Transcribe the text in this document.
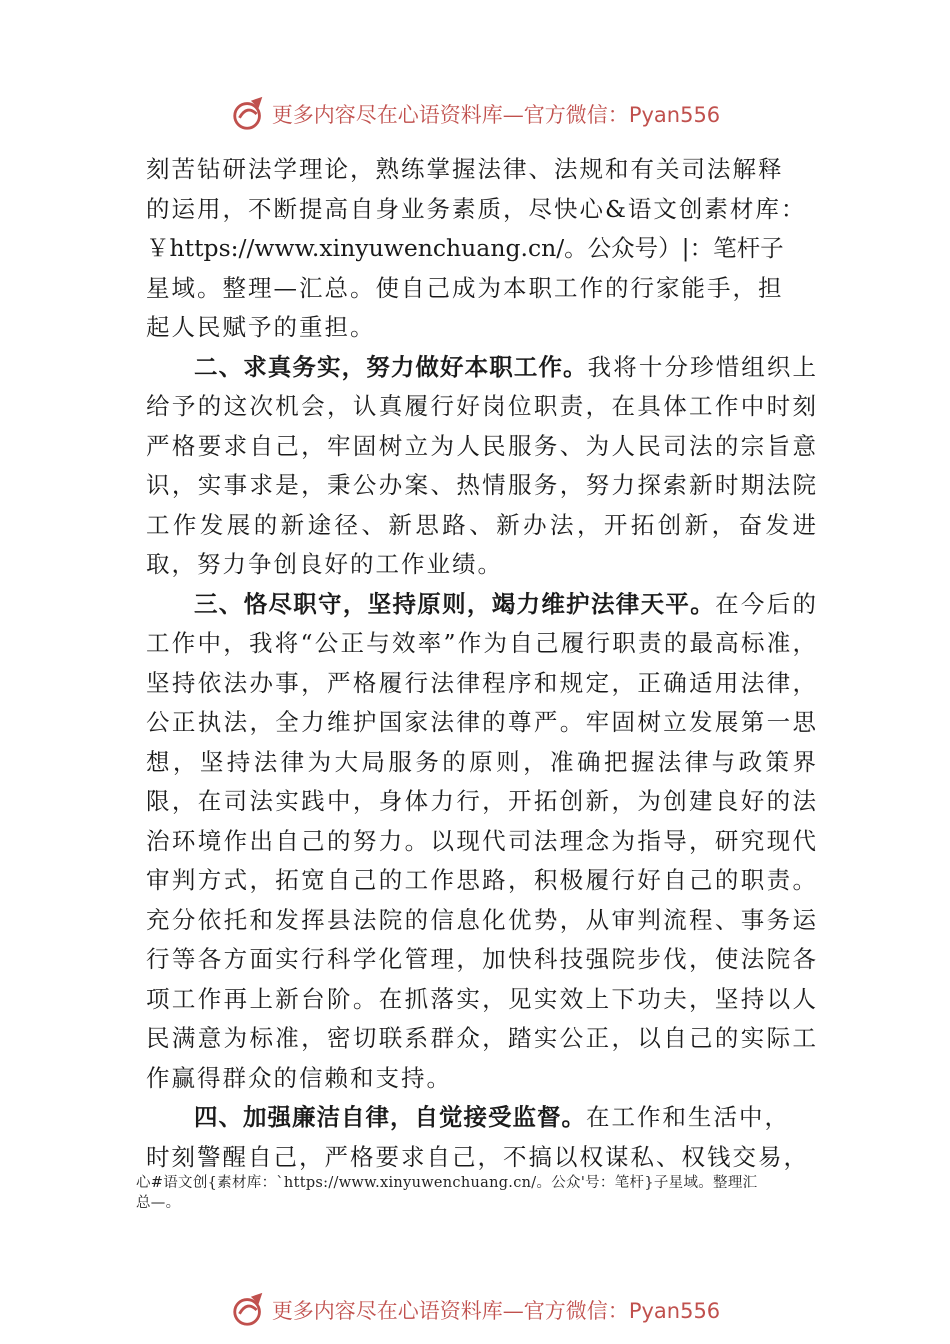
更多内容尽在心语资料库—官方微信：Pyan556

刻苦钻研法学理论，熟练掌握法律、法规和有关司法解释
的运用，不断提高自身业务素质，尽快心&语文创素材库：
￥https://www.xinyuwenchuang.cn/。公众号）|：笔杆子
星域。整理—汇总。使自己成为本职工作的行家能手，担
起人民赋予的重担。

二、求真务实，努力做好本职工作。我将十分珍惜组织上给予的这次机会，认真履行好岗位职责，在具体工作中时刻严格要求自己，牢固树立为人民服务、为人民司法的宗旨意识，实事求是，秉公办案、热情服务，努力探索新时期法院工作发展的新途径、新思路、新办法，开拓创新，奋发进 取，努力争创良好的工作业绩。

三、恪尽职守，坚持原则，竭力维护法律天平。在今后的工作中，我将“公正与效率”作为自己履行职责的最高标准，坚持依法办事，严格履行法律程序和规定，正确适用法律，公正执法，全力维护国家法律的尊严。牢固树立发展第一思想，坚持法律为大局服务的原则，准确把握法律与政策界限，在司法实践中，身体力行，开拓创新，为创建良好的法治环境作出自己的努力。以现代司法理念为指导，研究现代审判方式，拓宽自己的工作思路，积极履行好自己的职责。充分依托和发挥县法院的信息化优势，从审判流程、事务运行等各方面实行科学化管理，加快科技强院步伐，使法院各项工作再上新台阶。在抓落实，见实效上下功夫，坚持以人民满意为标准，密切联系群众，踏实公正，以自己的实际工作赢得群众的信赖和支持。

四、加强廉洁自律，自觉接受监督。在工作和生活中，

时刻警醒自己，严格要求自己，不搞以权谋私、权钱交易，

心#语文创{素材库：`https://www.xinyuwenchuang.cn/。公众'号：笔杆}子星域。整理汇
总—。
更多内容尽在心语资料库—官方微信：Pyan556
